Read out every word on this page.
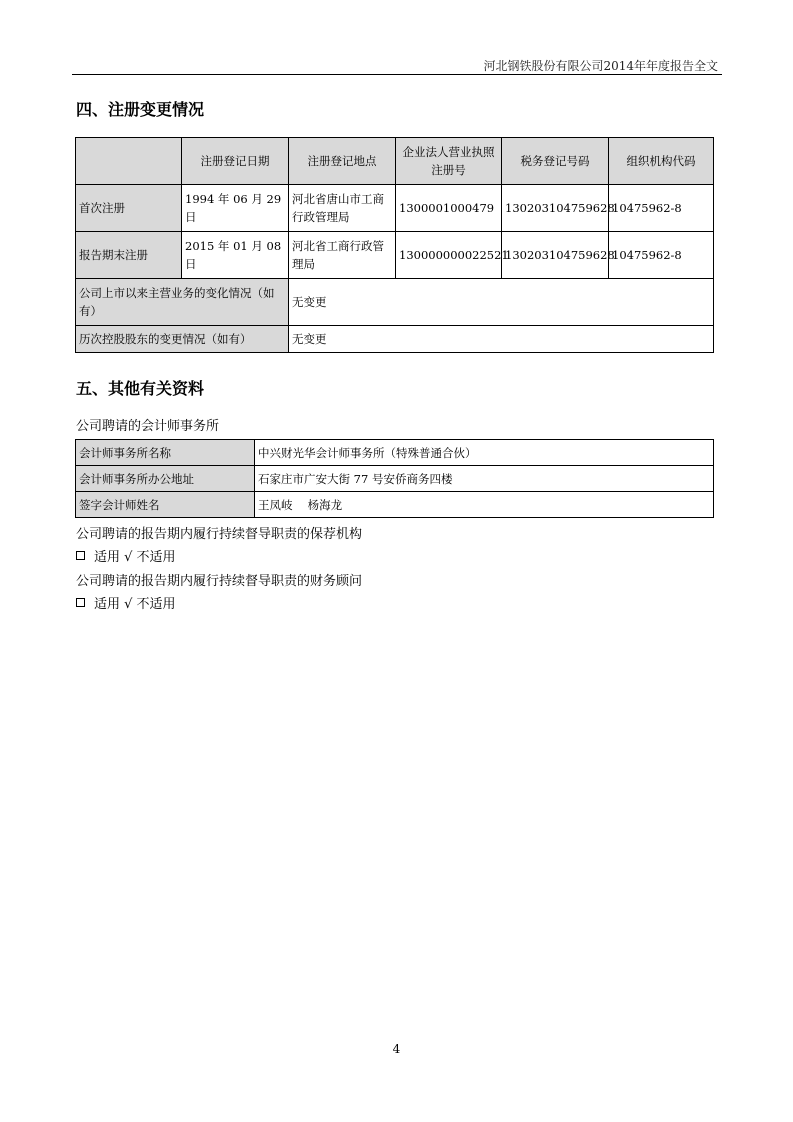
河北钢铁股份有限公司2014年年度报告全文
四、注册变更情况
	注册登记日期	注册登记地点	企业法人营业执照注册号	税务登记号码	组织机构代码
首次注册	1994 年 06 月 29 日	河北省唐山市工商行政管理局	1300001000479	130203104759628	10475962-8
报告期末注册	2015 年 01 月 08 日	河北省工商行政管理局	130000000022521	130203104759628	10475962-8
公司上市以来主营业务的变化情况（如有）		无变更			
历次控股股东的变更情况（如有）		无变更			
五、其他有关资料
公司聘请的会计师事务所
会计师事务所名称	中兴财光华会计师事务所（特殊普通合伙）
会计师事务所办公地址	石家庄市广安大街 77 号安侨商务四楼
签字会计师姓名	王凤岐　 杨海龙
公司聘请的报告期内履行持续督导职责的保荐机构
适用 √ 不适用
公司聘请的报告期内履行持续督导职责的财务顾问
适用 √ 不适用
4
